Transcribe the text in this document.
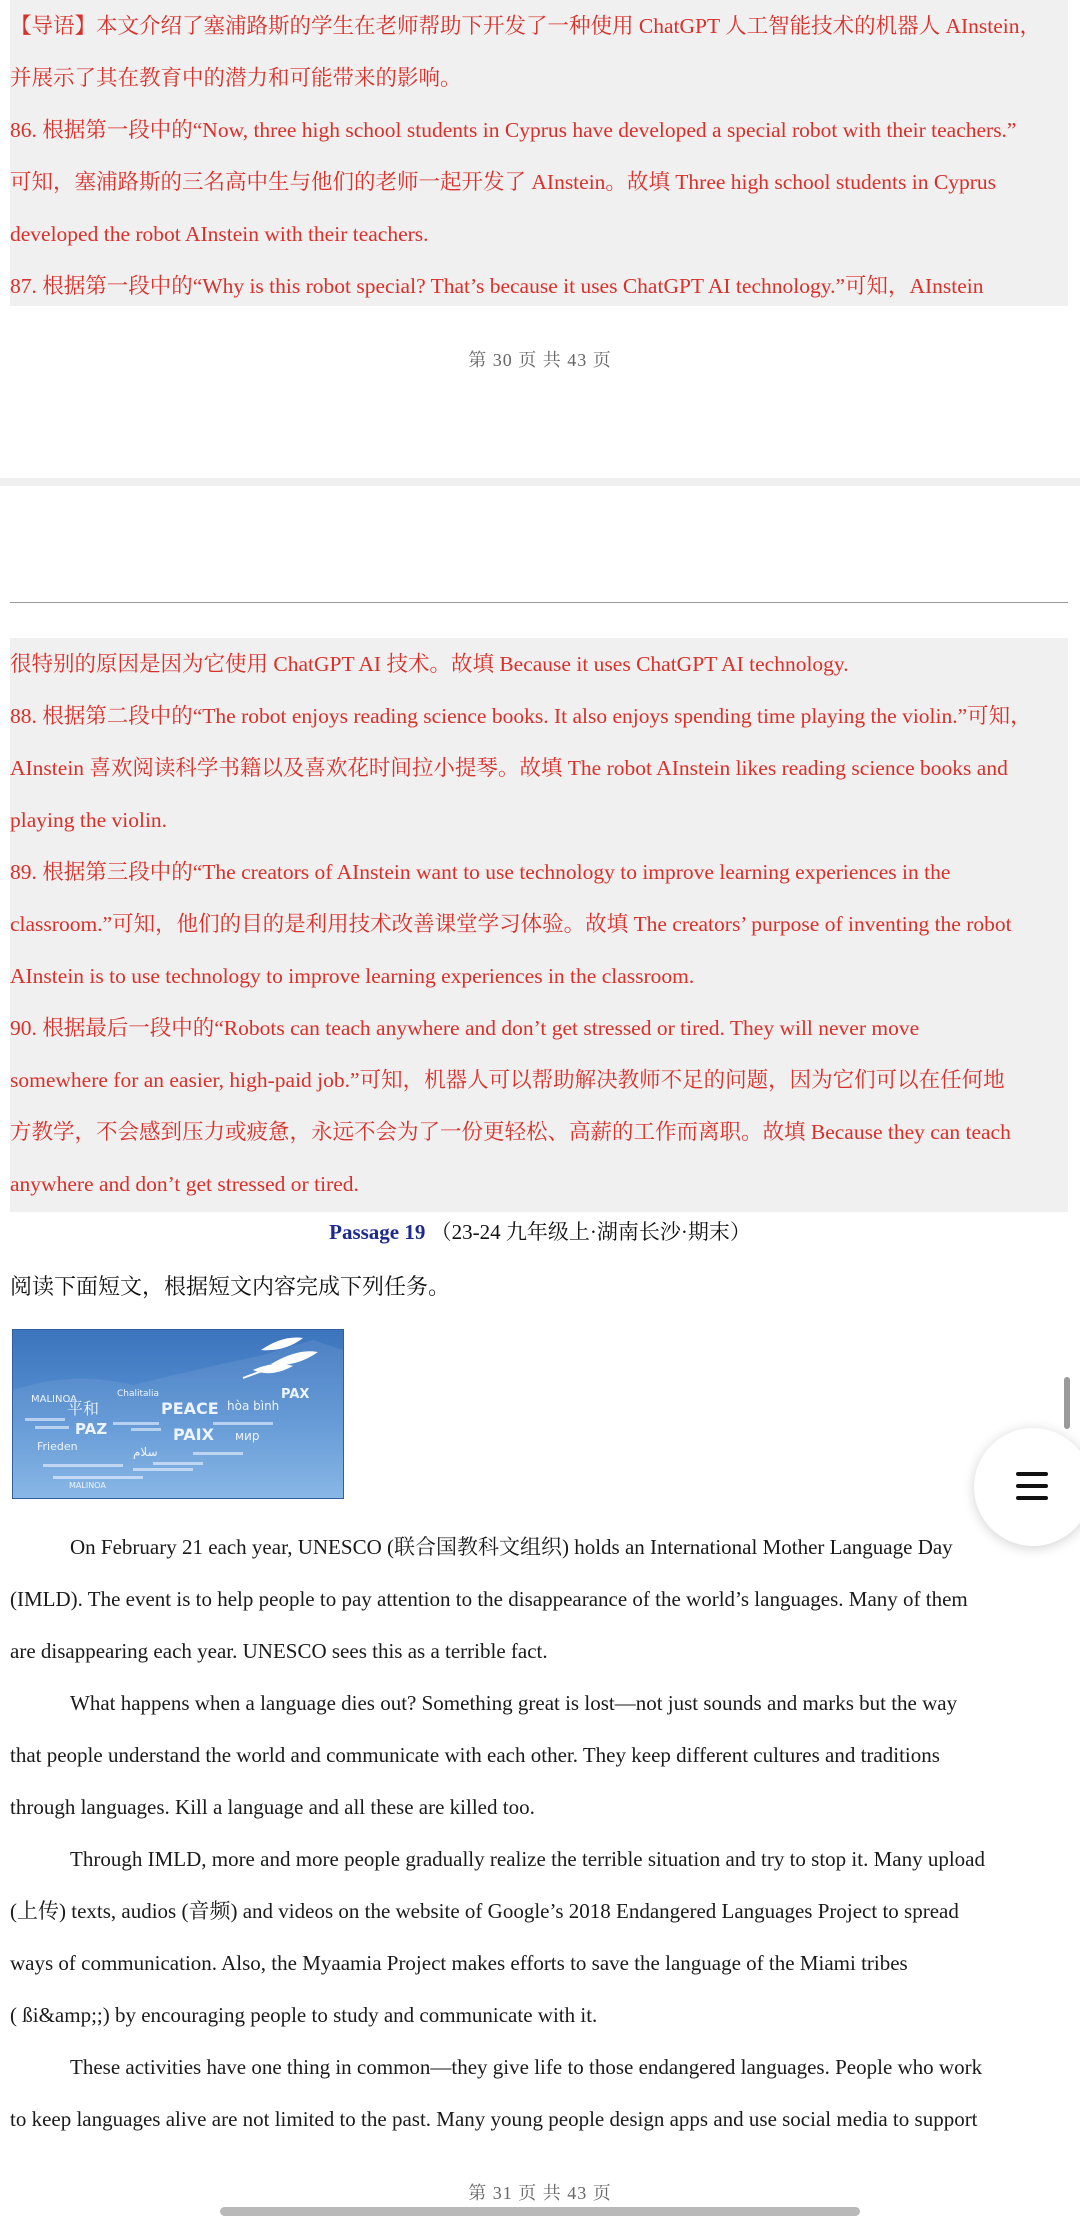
【导语】本文介绍了塞浦路斯的学生在老师帮助下开发了一种使用 ChatGPT 人工智能技术的机器人 AInstein，

并展示了其在教育中的潜力和可能带来的影响。

86. 根据第一段中的“Now, three high school students in Cyprus have developed a special robot with their teachers.”

可知，塞浦路斯的三名高中生与他们的老师一起开发了 AInstein。故填 Three high school students in Cyprus

developed the robot AInstein with their teachers.

87. 根据第一段中的“Why is this robot special? That’s because it uses ChatGPT AI technology.”可知，AInstein

第 30 页 共 43 页

很特别的原因是因为它使用 ChatGPT AI 技术。故填 Because it uses ChatGPT AI technology.

88. 根据第二段中的“The robot enjoys reading science books. It also enjoys spending time playing the violin.”可知，

AInstein 喜欢阅读科学书籍以及喜欢花时间拉小提琴。故填 The robot AInstein likes reading science books and

playing the violin.

89. 根据第三段中的“The creators of AInstein want to use technology to improve learning experiences in the

classroom.”可知，他们的目的是利用技术改善课堂学习体验。故填 The creators’ purpose of inventing the robot

AInstein is to use technology to improve learning experiences in the classroom.

90. 根据最后一段中的“Robots can teach anywhere and don’t get stressed or tired. They will never move

somewhere for an easier, high-paid job.”可知，机器人可以帮助解决教师不足的问题，因为它们可以在任何地

方教学，不会感到压力或疲惫，永远不会为了一份更轻松、高薪的工作而离职。故填 Because they can teach

anywhere and don’t get stressed or tired.

Passage 19 （23-24 九年级上·湖南长沙·期末）
阅读下面短文，根据短文内容完成下列任务。
MALINOA
平和	PEACE
Chalitalia
hòa bình
PAX
PAZ	PAIX мир
Frieden	سلام
MALINOA

On February 21 each year, UNESCO (联合国教科文组织) holds an International Mother Language Day
(IMLD). The event is to help people to pay attention to the disappearance of the world’s languages. Many of them
are disappearing each year. UNESCO sees this as a terrible fact.

What happens when a language dies out? Something great is lost—not just sounds and marks but the way
that people understand the world and communicate with each other. They keep different cultures and traditions
through languages. Kill a language and all these are killed too.

Through IMLD, more and more people gradually realize the terrible situation and try to stop it. Many upload
(上传) texts, audios (音频) and videos on the website of Google’s 2018 Endangered Languages Project to spread
ways of communication. Also, the Myaamia Project makes efforts to save the language of the Miami tribes
( ßi&amp;;) by encouraging people to study and communicate with it.

These activities have one thing in common—they give life to those endangered languages. People who work
to keep languages alive are not limited to the past. Many young people design apps and use social media to support

第 31 页 共 43 页
